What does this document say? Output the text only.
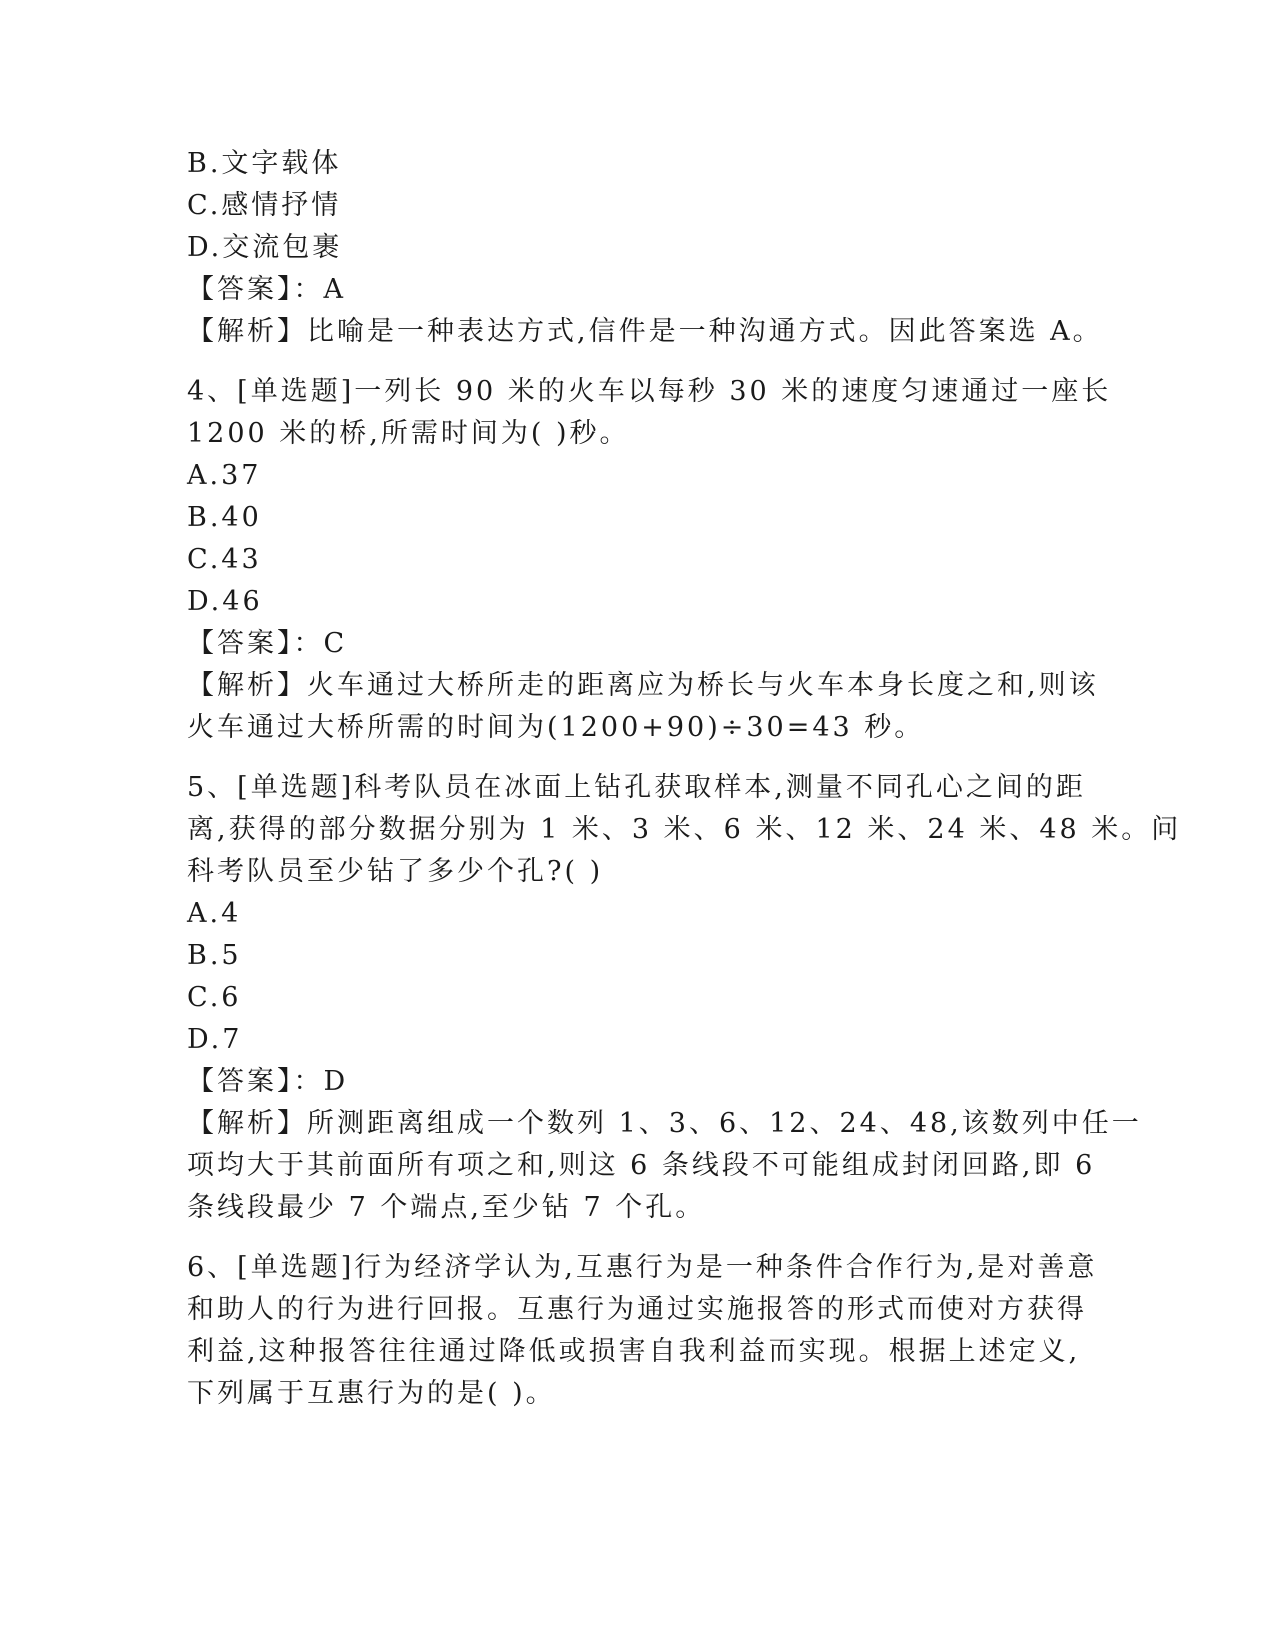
B.文字载体
C.感情抒情
D.交流包裹
【答案】：A
【解析】比喻是一种表达方式,信件是一种沟通方式。因此答案选 A。
4、[单选题]一列长 90 米的火车以每秒 30 米的速度匀速通过一座长
1200 米的桥,所需时间为( )秒。
A.37
B.40
C.43
D.46
【答案】：C
【解析】火车通过大桥所走的距离应为桥长与火车本身长度之和,则该
火车通过大桥所需的时间为(1200+90)÷30=43 秒。
5、[单选题]科考队员在冰面上钻孔获取样本,测量不同孔心之间的距
离,获得的部分数据分别为 1 米、3 米、6 米、12 米、24 米、48 米。问
科考队员至少钻了多少个孔?( )
A.4
B.5
C.6
D.7
【答案】：D
【解析】所测距离组成一个数列 1、3、6、12、24、48,该数列中任一
项均大于其前面所有项之和,则这 6 条线段不可能组成封闭回路,即 6
条线段最少 7 个端点,至少钻 7 个孔。
6、[单选题]行为经济学认为,互惠行为是一种条件合作行为,是对善意
和助人的行为进行回报。互惠行为通过实施报答的形式而使对方获得
利益,这种报答往往通过降低或损害自我利益而实现。根据上述定义,
下列属于互惠行为的是( )。
